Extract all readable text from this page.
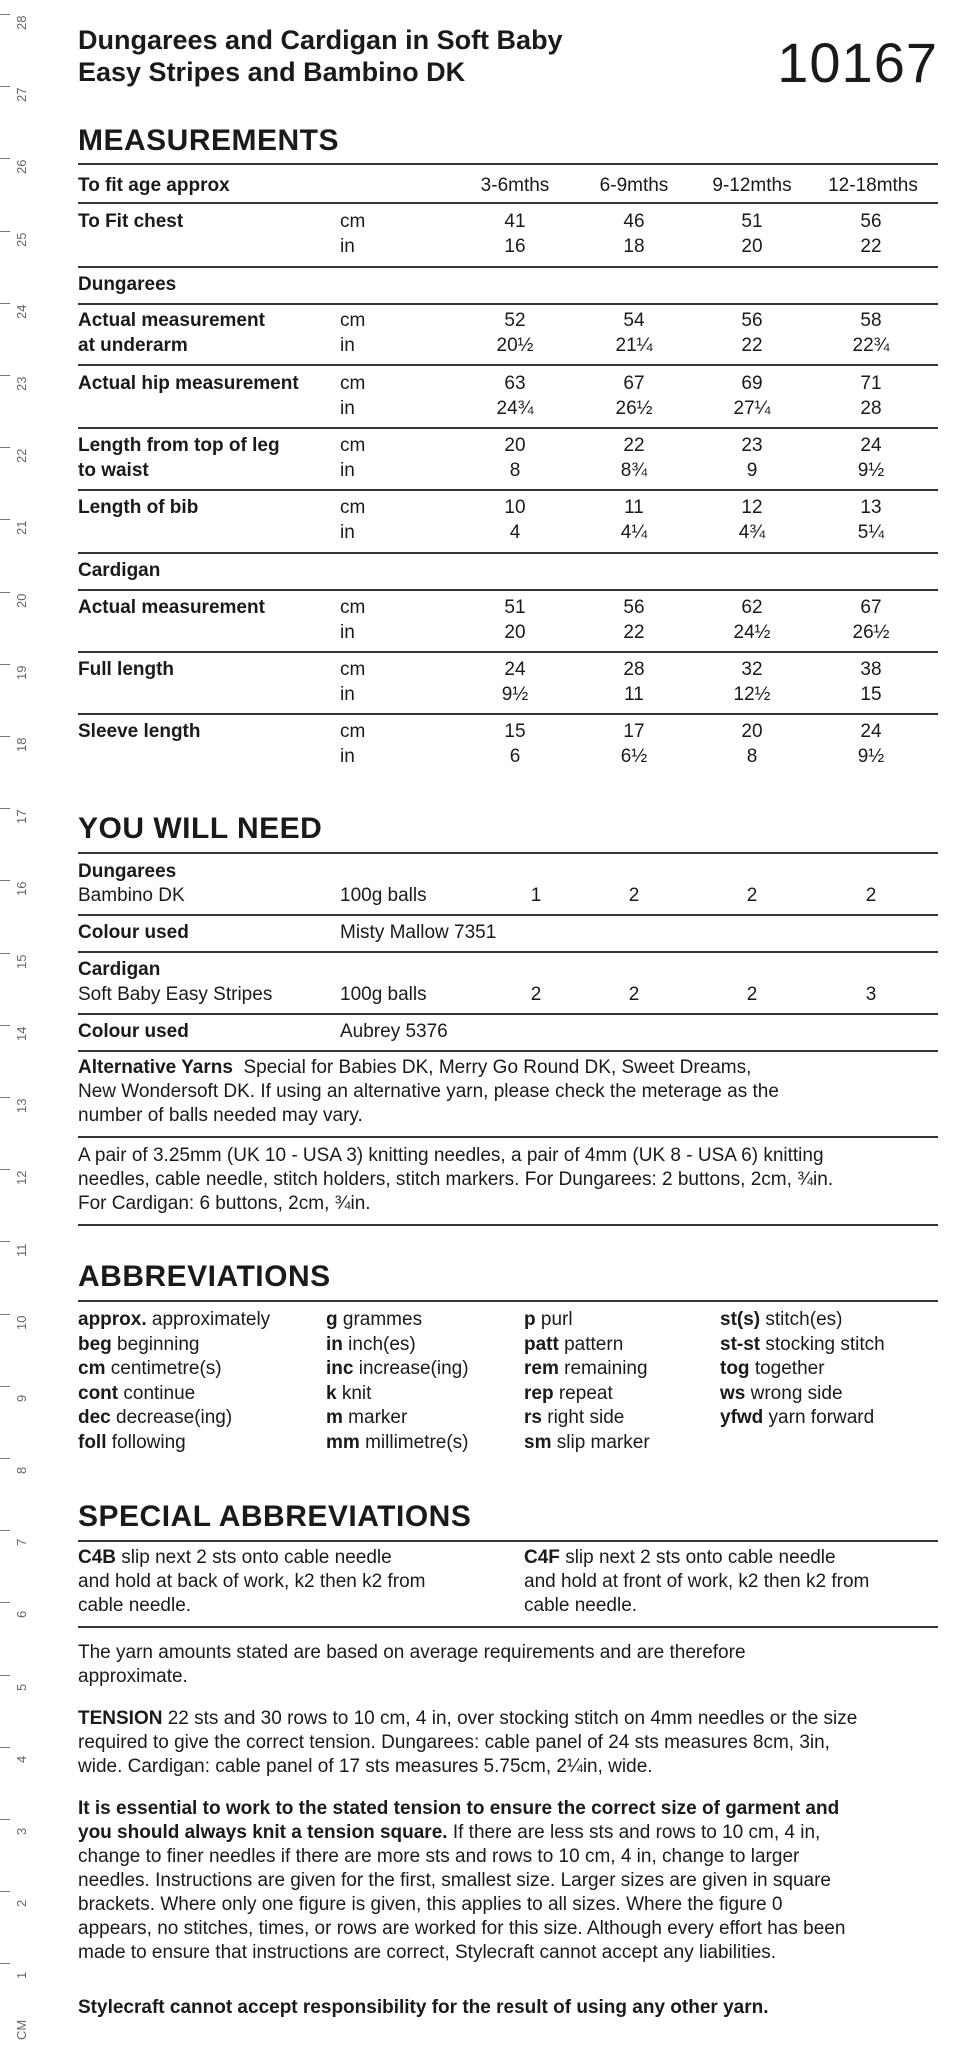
28
27
26
25
24
23
22
21
20
19
18
17
16
15
14
13
12
11
10
9
8
7
6
5
4
3
2
1
CM
Dungarees and Cardigan in Soft Baby
Easy Stripes and Bambino DK	10167
MEASUREMENTS
To fit age approx	3-6mths	6-9mths 9-12mths	12-18mths
To Fit chest	cm	41	46	51	56
in	16	18	20	22
Dungarees
Actual measurement	cm	52	54	56	58
at underarm	in	20½	21¼	22	22¾
Actual hip measurement	cm	63	67	69	71
in	24¾	26½	27¼	28
Length from top of leg	cm	20	22	23	24
to waist	in	8	8¾	9	9½
Length of bib	cm	10	11	12	13
in	4	4¼	4¾	5¼
Cardigan
Actual measurement	cm	51	56	62	67
in	20	22	24½	26½
Full length	cm	24	28	32	38
in	9½	11	12½	15
Sleeve length	cm	15	17	20	24
in	6	6½	8	9½
YOU WILL NEED
Dungarees
Bambino DK	100g balls	1	2	2	2
Colour used	Misty Mallow 7351
Cardigan
Soft Baby Easy Stripes	100g balls	2	2	2	3
Colour used	Aubrey 5376
Alternative Yarns Special for Babies DK, Merry Go Round DK, Sweet Dreams,
New Wondersoft DK. If using an alternative yarn, please check the meterage as the
number of balls needed may vary.
A pair of 3.25mm (UK 10 - USA 3) knitting needles, a pair of 4mm (UK 8 - USA 6) knitting
needles, cable needle, stitch holders, stitch markers. For Dungarees: 2 buttons, 2cm, ¾in.
For Cardigan: 6 buttons, 2cm, ¾in.
ABBREVIATIONS
approx. approximately
beg beginning
cm centimetre(s)
cont continue
dec decrease(ing)
foll following
g grammes
in inch(es)
inc increase(ing)
k knit
m marker
mm millimetre(s)
p purl
patt pattern
rem remaining
rep repeat
rs right side
sm slip marker
st(s) stitch(es)
st-st stocking stitch
tog together
ws wrong side
yfwd yarn forward
SPECIAL ABBREVIATIONS
C4B slip next 2 sts onto cable needle
and hold at back of work, k2 then k2 from
cable needle.
C4F slip next 2 sts onto cable needle
and hold at front of work, k2 then k2 from
cable needle.
The yarn amounts stated are based on average requirements and are therefore
approximate.
TENSION 22 sts and 30 rows to 10 cm, 4 in, over stocking stitch on 4mm needles or the size
required to give the correct tension. Dungarees: cable panel of 24 sts measures 8cm, 3in,
wide. Cardigan: cable panel of 17 sts measures 5.75cm, 2¼in, wide.
It is essential to work to the stated tension to ensure the correct size of garment and
you should always knit a tension square. If there are less sts and rows to 10 cm, 4 in,
change to finer needles if there are more sts and rows to 10 cm, 4 in, change to larger
needles. Instructions are given for the first, smallest size. Larger sizes are given in square
brackets. Where only one figure is given, this applies to all sizes. Where the figure 0
appears, no stitches, times, or rows are worked for this size. Although every effort has been
made to ensure that instructions are correct, Stylecraft cannot accept any liabilities.
Stylecraft cannot accept responsibility for the result of using any other yarn.
